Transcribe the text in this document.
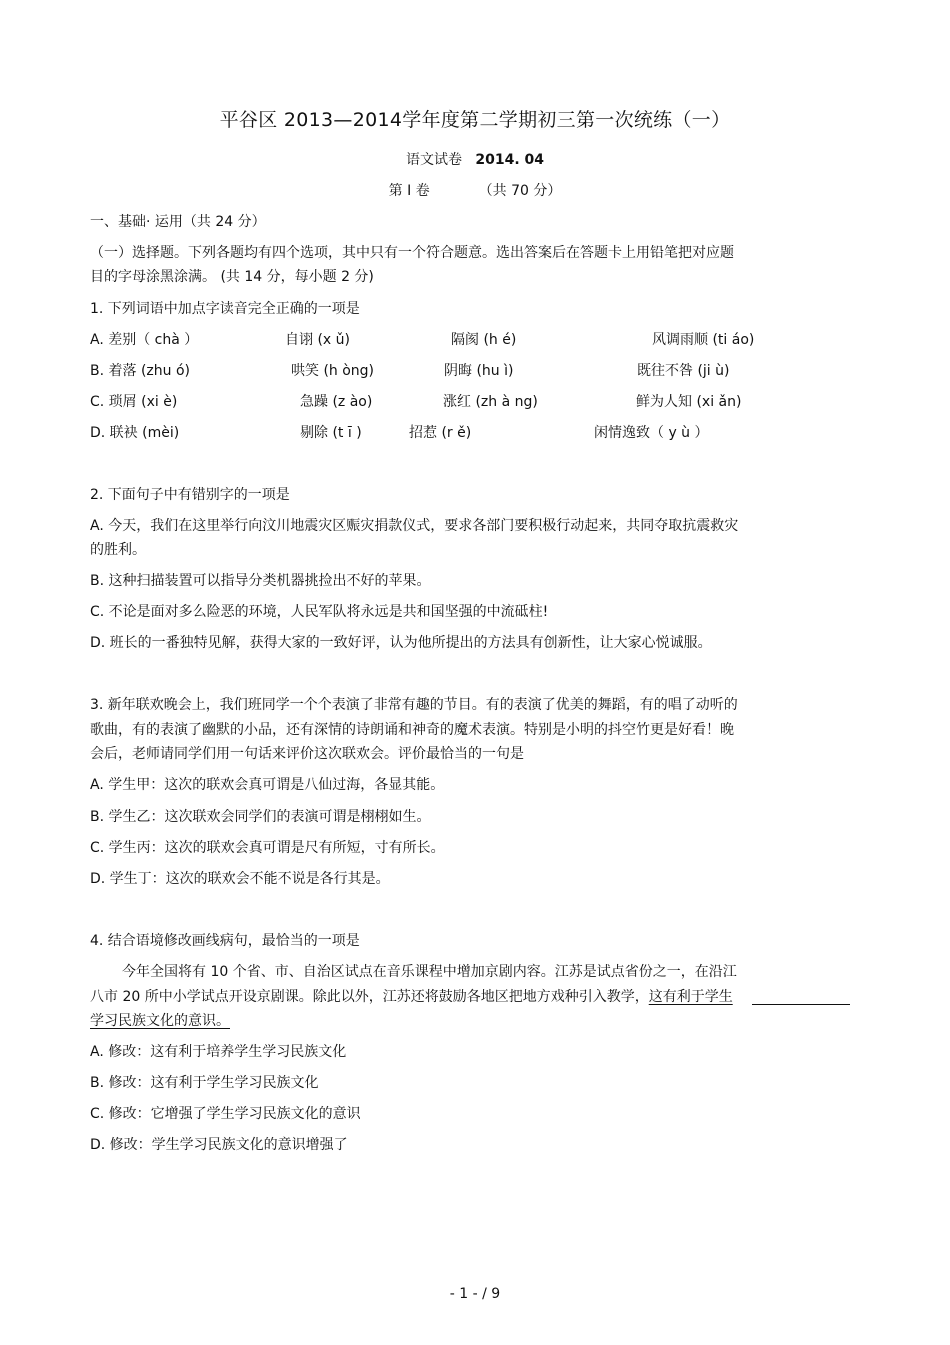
平谷区 2013—2014学年度第二学期初三第一次统练（一）
语文试卷 2014. 04
第 I 卷	（共 70 分）
一、基础· 运用（共 24 分）
（一）选择题。下列各题均有四个选项，其中只有一个符合题意。选出答案后在答题卡上用铅笔把对应题
目的字母涂黑涂满。 (共 14 分，每小题 2 分)
1. 下列词语中加点字读音完全正确的一项是
A. 差别（ chà ）	自诩 (x ǔ)	隔阂 (h é)	风调雨顺 (ti áo)
B. 着落 (zhu ó)	哄笑 (h òng)	阴晦 (hu ì)	既往不咎 (ji ù)
C. 琐屑 (xi è)	急躁 (z ào)	涨红 (zh à ng)	鲜为人知 (xi ǎn)
D. 联袂 (mèi)	剔除 (t ī )	招惹 (r ě)	闲情逸致（ y ù ）
2. 下面句子中有错别字的一项是
A. 今天，我们在这里举行向汶川地震灾区赈灾捐款仪式，要求各部门要积极行动起来，共同夺取抗震救灾
的胜利。
B. 这种扫描装置可以指导分类机器挑捡出不好的苹果。
C. 不论是面对多么险恶的环境，人民军队将永远是共和国坚强的中流砥柱!
D. 班长的一番独特见解，获得大家的一致好评，认为他所提出的方法具有创新性，让大家心悦诚服。
3. 新年联欢晚会上，我们班同学一个个表演了非常有趣的节目。有的表演了优美的舞蹈，有的唱了动听的
歌曲，有的表演了幽默的小品，还有深情的诗朗诵和神奇的魔术表演。特别是小明的抖空竹更是好看！晚
会后，老师请同学们用一句话来评价这次联欢会。评价最恰当的一句是
A. 学生甲：这次的联欢会真可谓是八仙过海，各显其能。
B. 学生乙：这次联欢会同学们的表演可谓是栩栩如生。
C. 学生丙：这次的联欢会真可谓是尺有所短，寸有所长。
D. 学生丁：这次的联欢会不能不说是各行其是。
4. 结合语境修改画线病句，最恰当的一项是
今年全国将有 10 个省、市、自治区试点在音乐课程中增加京剧内容。江苏是试点省份之一，在沿江
八市 20 所中小学试点开设京剧课。除此以外，江苏还将鼓励各地区把地方戏种引入教学，这有利于学生
学习民族文化的意识。
A. 修改：这有利于培养学生学习民族文化
B. 修改：这有利于学生学习民族文化
C. 修改：它增强了学生学习民族文化的意识
D. 修改：学生学习民族文化的意识增强了
- 1 - / 9
